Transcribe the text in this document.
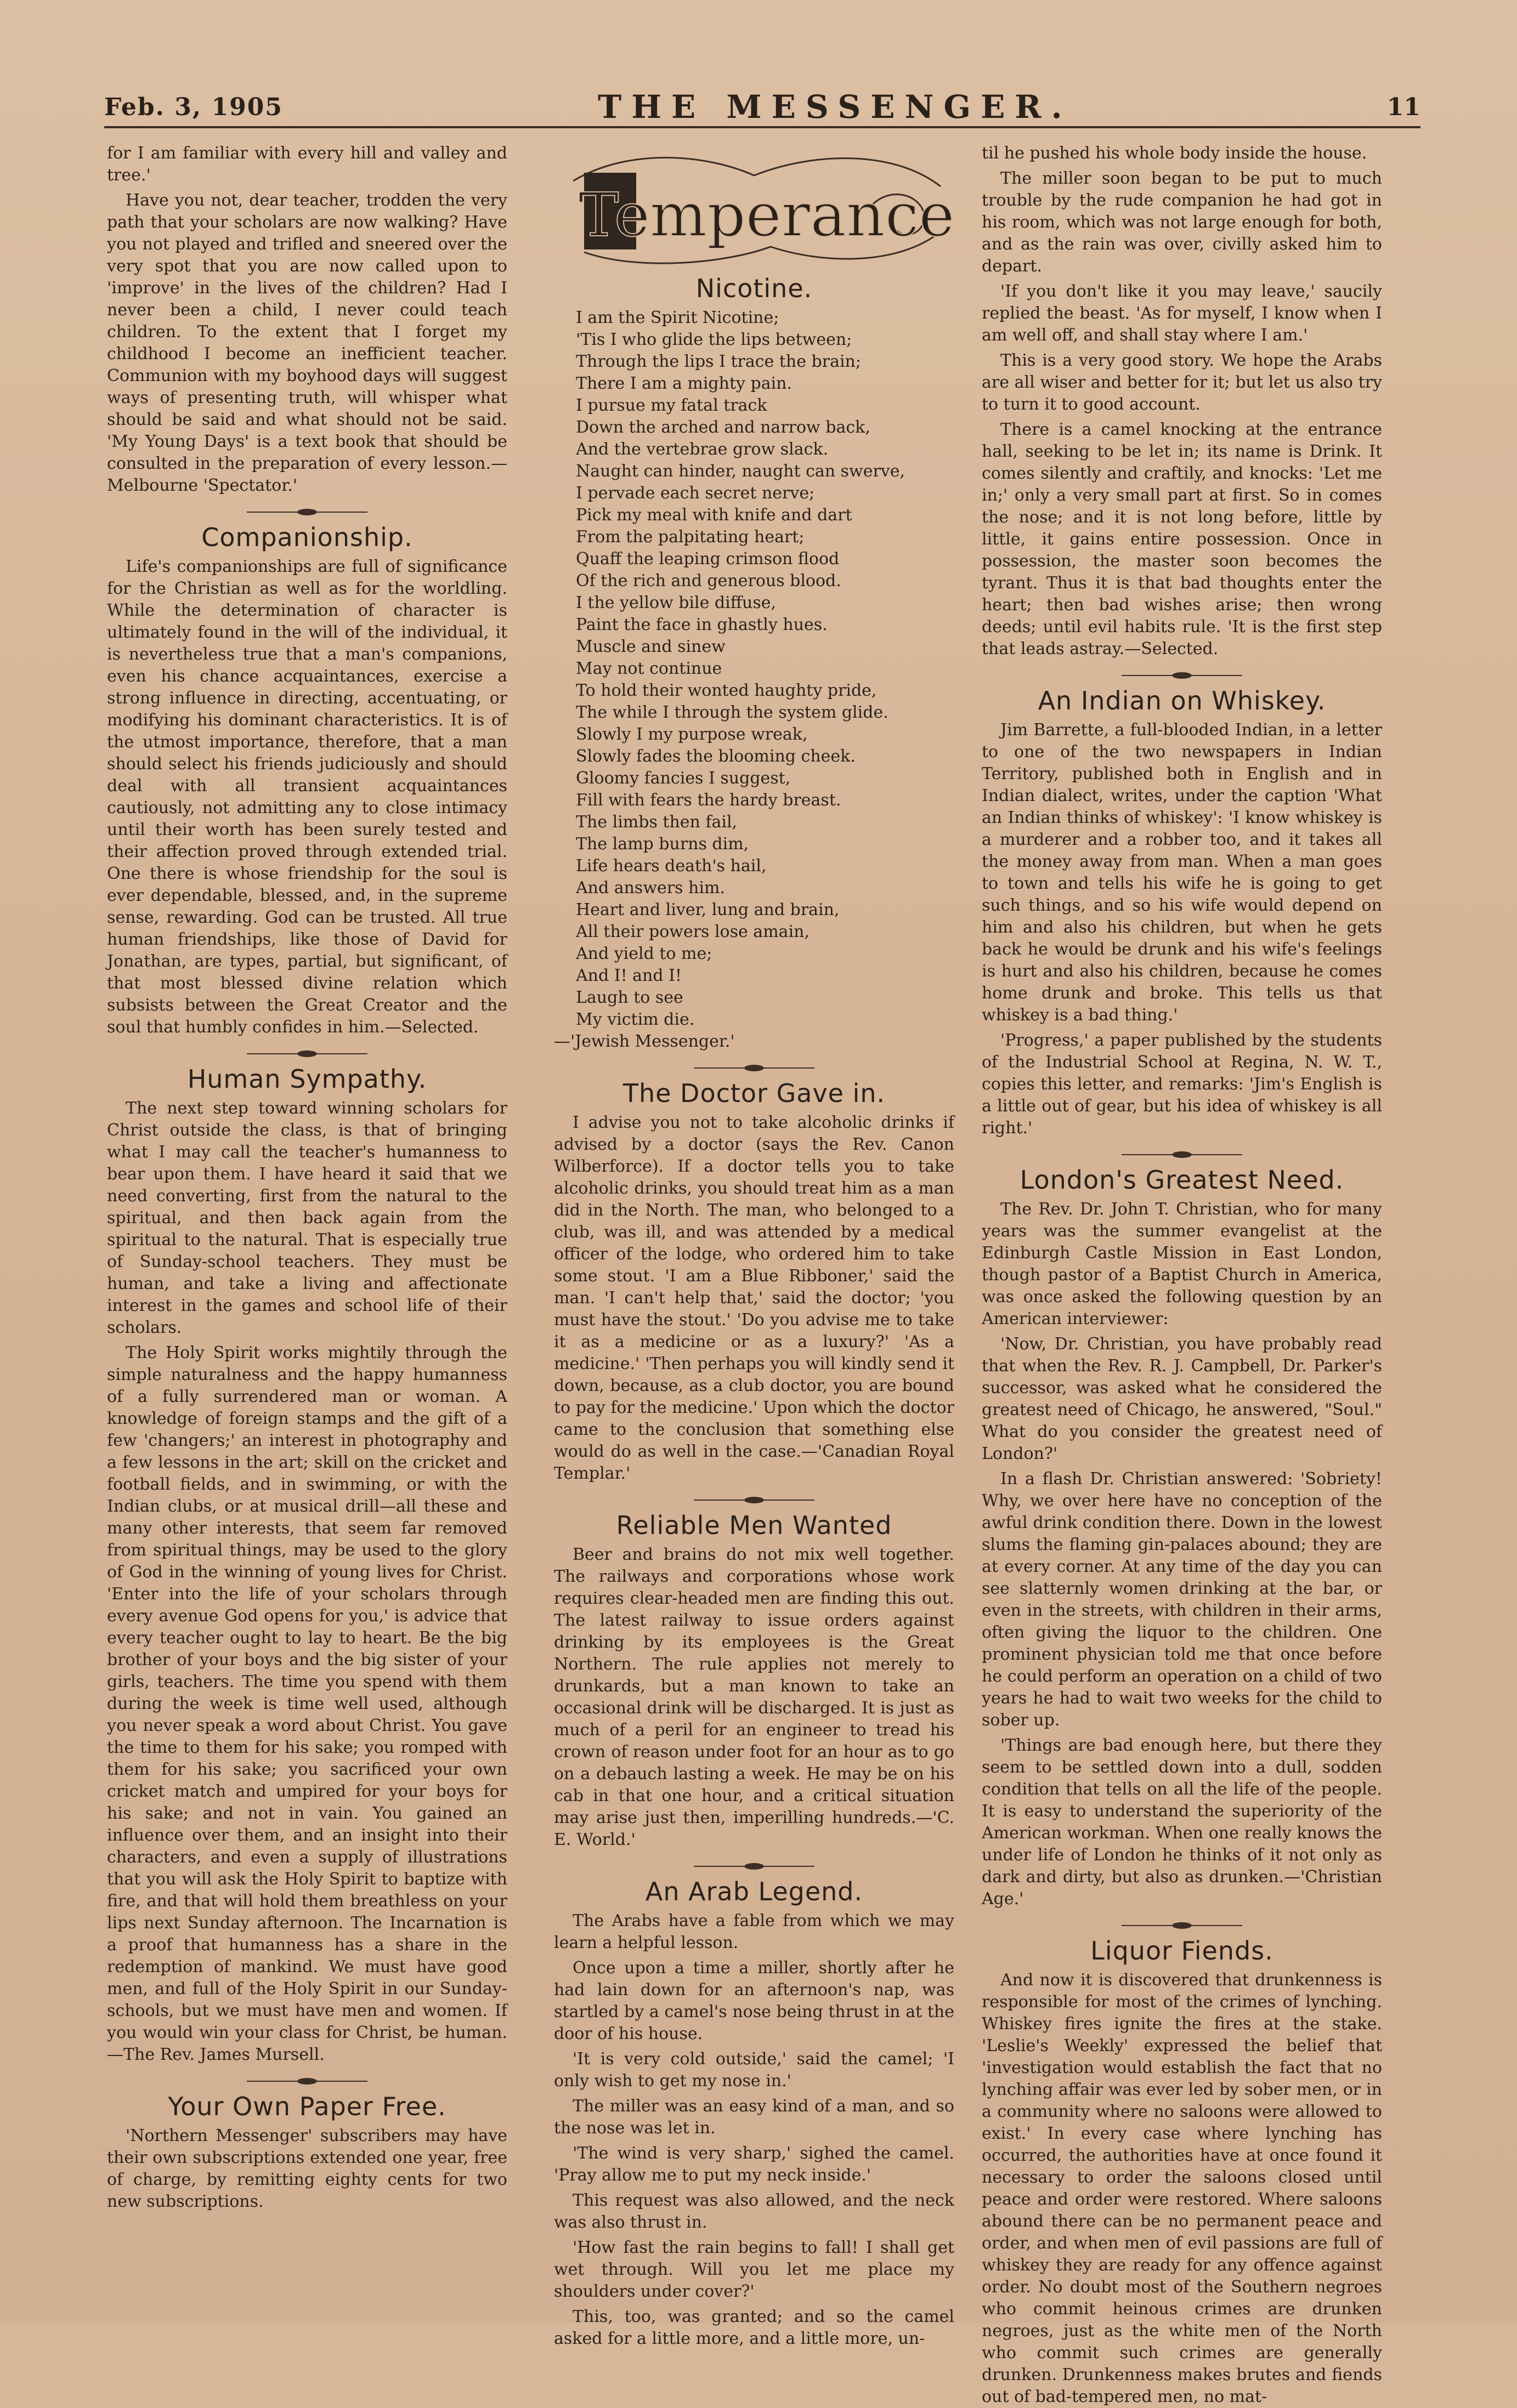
Feb. 3, 1905	THE MESSENGER.	11

for I am familiar with every hill and valley and tree.'

Have you not, dear teacher, trodden the very path that your scholars are now walking? Have you not played and trifled and sneered over the very spot that you are now called upon to 'improve' in the lives of the children? Had I never been a child, I never could teach children. To the extent that I forget my childhood I become an inefficient teacher. Communion with my boyhood days will suggest ways of presenting truth, will whisper what should be said and what should not be said. 'My Young Days' is a text book that should be consulted in the preparation of every lesson.—Melbourne 'Spectator.'

Companionship.

Life's companionships are full of significance for the Christian as well as for the worldling. While the determination of character is ultimately found in the will of the individual, it is nevertheless true that a man's companions, even his chance acquaintances, exercise a strong influence in directing, accentuating, or modifying his dominant characteristics. It is of the utmost importance, therefore, that a man should select his friends judiciously and should deal with all transient acquaintances cautiously, not admitting any to close intimacy until their worth has been surely tested and their affection proved through extended trial. One there is whose friendship for the soul is ever dependable, blessed, and, in the supreme sense, rewarding. God can be trusted. All true human friendships, like those of David for Jonathan, are types, partial, but significant, of that most blessed divine relation which subsists between the Great Creator and the soul that humbly confides in him.—Selected.

Human Sympathy.

The next step toward winning scholars for Christ outside the class, is that of bringing what I may call the teacher's humanness to bear upon them. I have heard it said that we need converting, first from the natural to the spiritual, and then back again from the spiritual to the natural. That is especially true of Sunday-school teachers. They must be human, and take a living and affectionate interest in the games and school life of their scholars.

The Holy Spirit works mightily through the simple naturalness and the happy humanness of a fully surrendered man or woman. A knowledge of foreign stamps and the gift of a few 'changers;' an interest in photography and a few lessons in the art; skill on the cricket and football fields, and in swimming, or with the Indian clubs, or at musical drill—all these and many other interests, that seem far removed from spiritual things, may be used to the glory of God in the winning of young lives for Christ. 'Enter into the life of your scholars through every avenue God opens for you,' is advice that every teacher ought to lay to heart. Be the big brother of your boys and the big sister of your girls, teachers. The time you spend with them during the week is time well used, although you never speak a word about Christ. You gave the time to them for his sake; you romped with them for his sake; you sacrificed your own cricket match and umpired for your boys for his sake; and not in vain. You gained an influence over them, and an insight into their characters, and even a supply of illustrations that you will ask the Holy Spirit to baptize with fire, and that will hold them breathless on your lips next Sunday afternoon. The Incarnation is a proof that humanness has a share in the redemption of mankind. We must have good men, and full of the Holy Spirit in our Sunday-schools, but we must have men and women. If you would win your class for Christ, be human.—The Rev. James Mursell.

Your Own Paper Free.

'Northern Messenger' subscribers may have their own subscriptions extended one year, free of charge, by remitting eighty cents for two new subscriptions.

Temperance
Nicotine.
I am the Spirit Nicotine;
'Tis I who glide the lips between;
Through the lips I trace the brain;
There I am a mighty pain.
I pursue my fatal track
Down the arched and narrow back,
And the vertebrae grow slack.
Naught can hinder, naught can swerve,
I pervade each secret nerve;
Pick my meal with knife and dart
From the palpitating heart;
Quaff the leaping crimson flood
Of the rich and generous blood.
I the yellow bile diffuse,
Paint the face in ghastly hues.
Muscle and sinew
May not continue
To hold their wonted haughty pride,
The while I through the system glide.
Slowly I my purpose wreak,
Slowly fades the blooming cheek.
Gloomy fancies I suggest,
Fill with fears the hardy breast.
The limbs then fail,
The lamp burns dim,
Life hears death's hail,
And answers him.
Heart and liver, lung and brain,
All their powers lose amain,
And yield to me;
And I! and I!
Laugh to see
My victim die.
—'Jewish Messenger.'
The Doctor Gave in.

I advise you not to take alcoholic drinks if advised by a doctor (says the Rev. Canon Wilberforce). If a doctor tells you to take alcoholic drinks, you should treat him as a man did in the North. The man, who belonged to a club, was ill, and was attended by a medical officer of the lodge, who ordered him to take some stout. 'I am a Blue Ribboner,' said the man. 'I can't help that,' said the doctor; 'you must have the stout.' 'Do you advise me to take it as a medicine or as a luxury?' 'As a medicine.' 'Then perhaps you will kindly send it down, because, as a club doctor, you are bound to pay for the medicine.' Upon which the doctor came to the conclusion that something else would do as well in the case.—'Canadian Royal Templar.'

Reliable Men Wanted

Beer and brains do not mix well together. The railways and corporations whose work requires clear-headed men are finding this out. The latest railway to issue orders against drinking by its employees is the Great Northern. The rule applies not merely to drunkards, but a man known to take an occasional drink will be discharged. It is just as much of a peril for an engineer to tread his crown of reason under foot for an hour as to go on a debauch lasting a week. He may be on his cab in that one hour, and a critical situation may arise just then, imperilling hundreds.—'C. E. World.'

An Arab Legend.

The Arabs have a fable from which we may learn a helpful lesson.

Once upon a time a miller, shortly after he had lain down for an afternoon's nap, was startled by a camel's nose being thrust in at the door of his house.

'It is very cold outside,' said the camel; 'I only wish to get my nose in.'

The miller was an easy kind of a man, and so the nose was let in.

'The wind is very sharp,' sighed the camel. 'Pray allow me to put my neck inside.'

This request was also allowed, and the neck was also thrust in.

'How fast the rain begins to fall! I shall get wet through. Will you let me place my shoulders under cover?'

This, too, was granted; and so the camel asked for a little more, and a little more, un-

til he pushed his whole body inside the house.

The miller soon began to be put to much trouble by the rude companion he had got in his room, which was not large enough for both, and as the rain was over, civilly asked him to depart.

'If you don't like it you may leave,' saucily replied the beast. 'As for myself, I know when I am well off, and shall stay where I am.'

This is a very good story. We hope the Arabs are all wiser and better for it; but let us also try to turn it to good account.

There is a camel knocking at the entrance hall, seeking to be let in; its name is Drink. It comes silently and craftily, and knocks: 'Let me in;' only a very small part at first. So in comes the nose; and it is not long before, little by little, it gains entire possession. Once in possession, the master soon becomes the tyrant. Thus it is that bad thoughts enter the heart; then bad wishes arise; then wrong deeds; until evil habits rule. 'It is the first step that leads astray.—Selected.

An Indian on Whiskey.

Jim Barrette, a full-blooded Indian, in a letter to one of the two newspapers in Indian Territory, published both in English and in Indian dialect, writes, under the caption 'What an Indian thinks of whiskey': 'I know whiskey is a murderer and a robber too, and it takes all the money away from man. When a man goes to town and tells his wife he is going to get such things, and so his wife would depend on him and also his children, but when he gets back he would be drunk and his wife's feelings is hurt and also his children, because he comes home drunk and broke. This tells us that whiskey is a bad thing.'

'Progress,' a paper published by the students of the Industrial School at Regina, N. W. T., copies this letter, and remarks: 'Jim's English is a little out of gear, but his idea of whiskey is all right.'

London's Greatest Need.

The Rev. Dr. John T. Christian, who for many years was the summer evangelist at the Edinburgh Castle Mission in East London, though pastor of a Baptist Church in America, was once asked the following question by an American interviewer:

'Now, Dr. Christian, you have probably read that when the Rev. R. J. Campbell, Dr. Parker's successor, was asked what he considered the greatest need of Chicago, he answered, "Soul." What do you consider the greatest need of London?'

In a flash Dr. Christian answered: 'Sobriety! Why, we over here have no conception of the awful drink condition there. Down in the lowest slums the flaming gin-palaces abound; they are at every corner. At any time of the day you can see slatternly women drinking at the bar, or even in the streets, with children in their arms, often giving the liquor to the children. One prominent physician told me that once before he could perform an operation on a child of two years he had to wait two weeks for the child to sober up.

'Things are bad enough here, but there they seem to be settled down into a dull, sodden condition that tells on all the life of the people. It is easy to understand the superiority of the American workman. When one really knows the under life of London he thinks of it not only as dark and dirty, but also as drunken.—'Christian Age.'

Liquor Fiends.

And now it is discovered that drunkenness is responsible for most of the crimes of lynching. Whiskey fires ignite the fires at the stake. 'Leslie's Weekly' expressed the belief that 'investigation would establish the fact that no lynching affair was ever led by sober men, or in a community where no saloons were allowed to exist.' In every case where lynching has occurred, the authorities have at once found it necessary to order the saloons closed until peace and order were restored. Where saloons abound there can be no permanent peace and order, and when men of evil passions are full of whiskey they are ready for any offence against order. No doubt most of the Southern negroes who commit heinous crimes are drunken negroes, just as the white men of the North who commit such crimes are generally drunken. Drunkenness makes brutes and fiends out of bad-tempered men, no mat-
